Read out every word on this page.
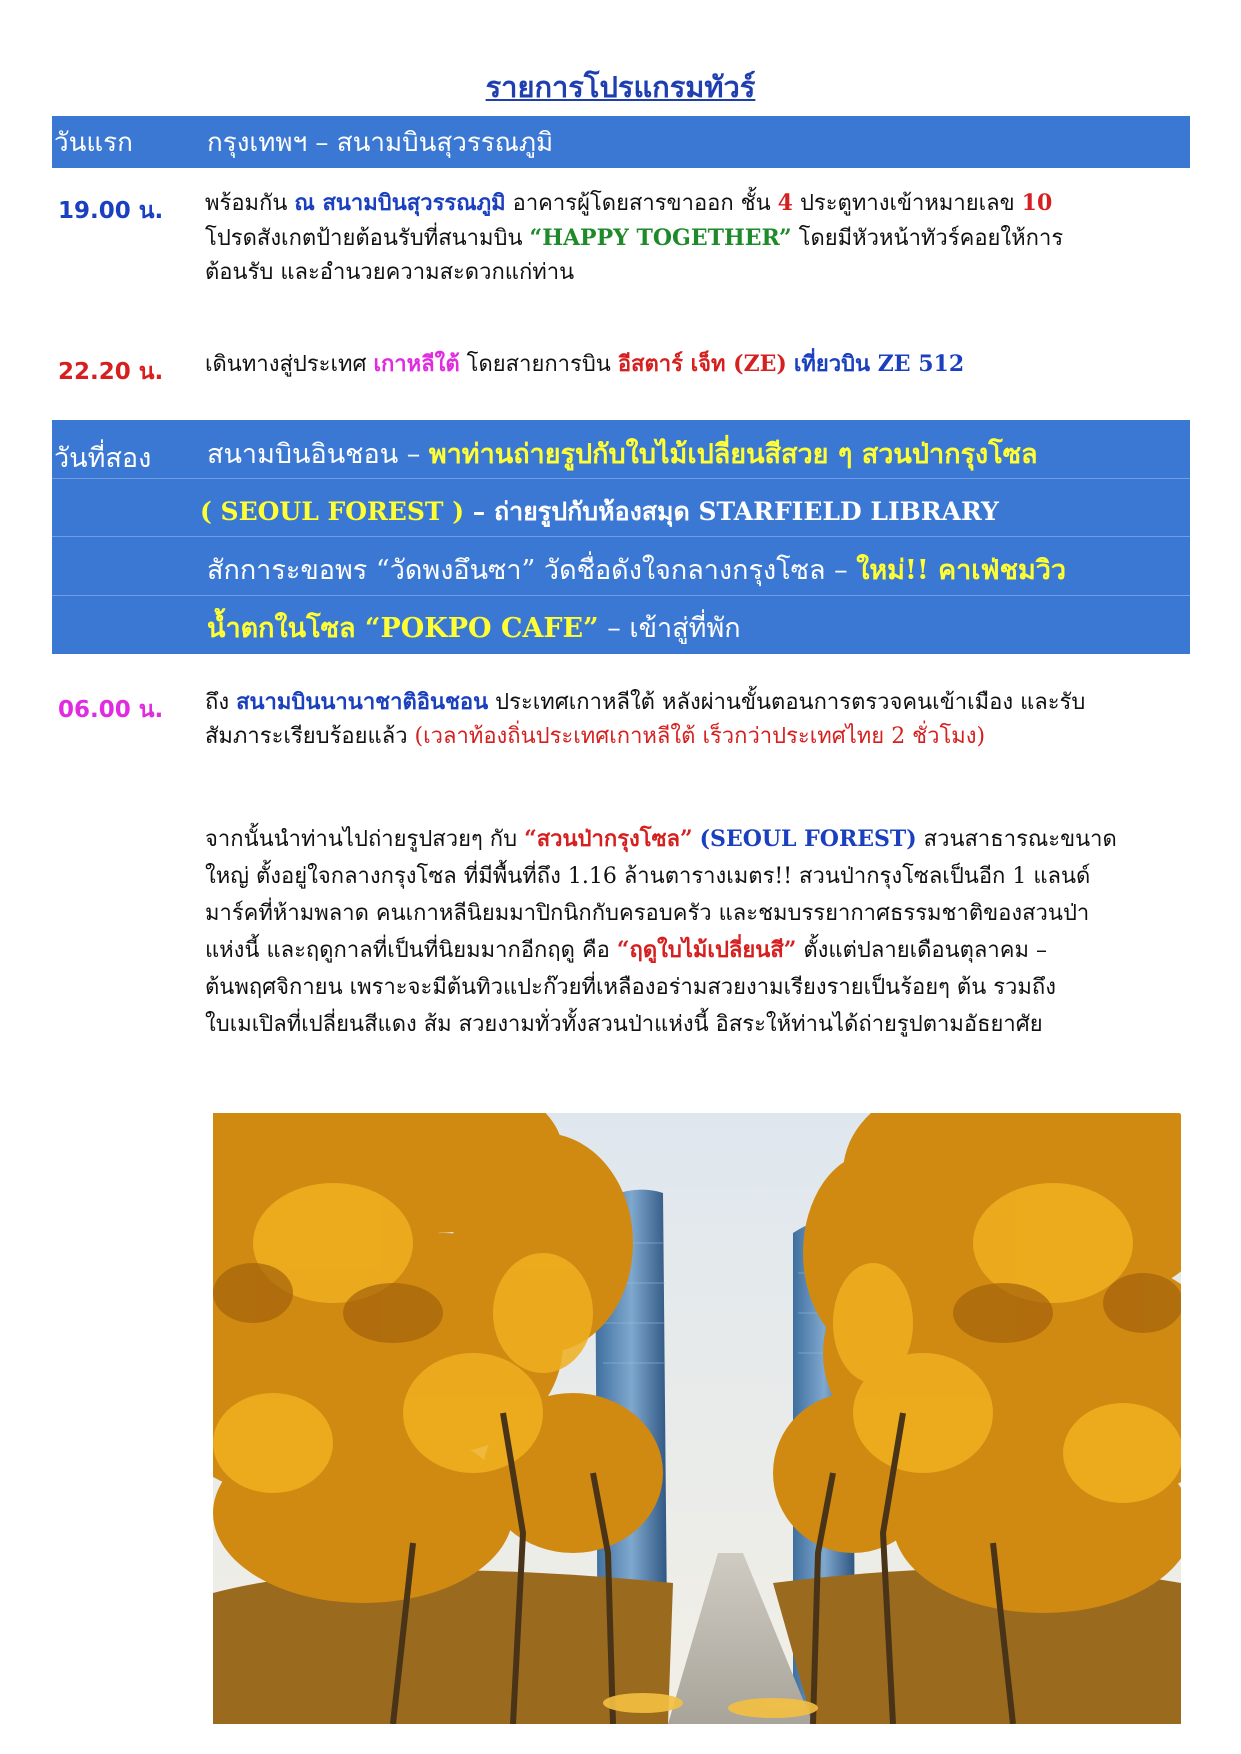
รายการโปรแกรมทัวร์
วันแรก	กรุงเทพฯ – สนามบินสุวรรณภูมิ
19.00 น. พร้อมกัน ณ สนามบินสุวรรณภูมิ อาคารผู้โดยสารขาออก ชั้น 4 ประตูทางเข้าหมายเลข 10
โปรดสังเกตป้ายต้อนรับที่สนามบิน “HAPPY TOGETHER” โดยมีหัวหน้าทัวร์คอยให้การ
ต้อนรับ และอำนวยความสะดวกแก่ท่าน
22.20 น. เดินทางสู่ประเทศ เกาหลีใต้ โดยสายการบิน อีสตาร์ เจ็ท (ZE) เที่ยวบิน ZE 512
วันที่สอง สนามบินอินชอน – พาท่านถ่ายรูปกับใบไม้เปลี่ยนสีสวย ๆ สวนป่ากรุงโซล
( SEOUL FOREST ) – ถ่ายรูปกับห้องสมุด STARFIELD LIBRARY
สักการะขอพร “วัดพงอึนซา” วัดชื่อดังใจกลางกรุงโซล – ใหม่!! คาเฟ่ชมวิว
น้ำตกในโซล “POKPO CAFE” – เข้าสู่ที่พัก
06.00 น. ถึง สนามบินนานาชาติอินชอน ประเทศเกาหลีใต้ หลังผ่านขั้นตอนการตรวจคนเข้าเมือง และรับ
สัมภาระเรียบร้อยแล้ว (เวลาท้องถิ่นประเทศเกาหลีใต้ เร็วกว่าประเทศไทย 2 ชั่วโมง)
จากนั้นนำท่านไปถ่ายรูปสวยๆ กับ “สวนป่ากรุงโซล” (SEOUL FOREST) สวนสาธารณะขนาด
ใหญ่ ตั้งอยู่ใจกลางกรุงโซล ที่มีพื้นที่ถึง 1.16 ล้านตารางเมตร!! สวนป่ากรุงโซลเป็นอีก 1 แลนด์
มาร์คที่ห้ามพลาด คนเกาหลีนิยมมาปิกนิกกับครอบครัว และชมบรรยากาศธรรมชาติของสวนป่า
แห่งนี้ และฤดูกาลที่เป็นที่นิยมมากอีกฤดู คือ “ฤดูใบไม้เปลี่ยนสี” ตั้งแต่ปลายเดือนตุลาคม –
ต้นพฤศจิกายน เพราะจะมีต้นทิวแปะก๊วยที่เหลืองอร่ามสวยงามเรียงรายเป็นร้อยๆ ต้น รวมถึง
ใบเมเปิลที่เปลี่ยนสีแดง ส้ม สวยงามทั่วทั้งสวนป่าแห่งนี้ อิสระให้ท่านได้ถ่ายรูปตามอัธยาศัย
